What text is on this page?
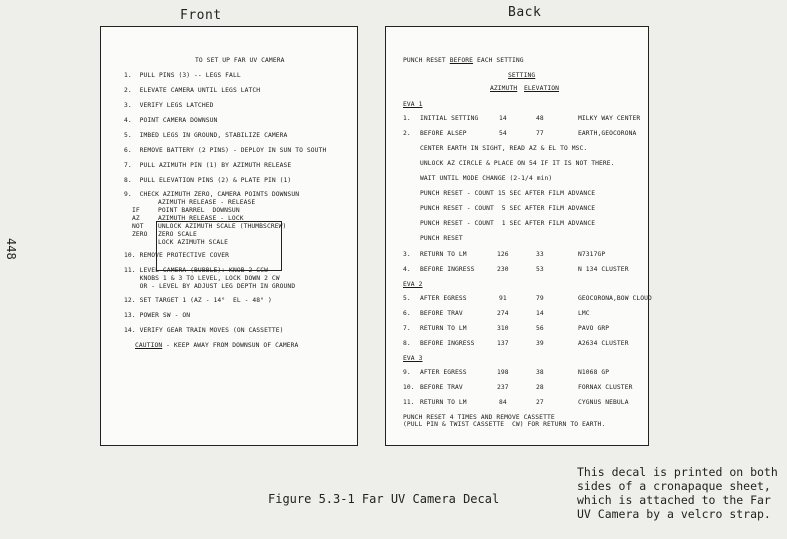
Front	Back
448
TO SET UP FAR UV CAMERA
1.  PULL PINS (3) -- LEGS FALL
2.  ELEVATE CAMERA UNTIL LEGS LATCH
3.  VERIFY LEGS LATCHED
4.  POINT CAMERA DOWNSUN
5.  IMBED LEGS IN GROUND, STABILIZE CAMERA
6.  REMOVE BATTERY (2 PINS) - DEPLOY IN SUN TO SOUTH
7.  PULL AZIMUTH PIN (1) BY AZIMUTH RELEASE
8.  PULL ELEVATION PINS (2) & PLATE PIN (1)
9.  CHECK AZIMUTH ZERO, CAMERA POINTS DOWNSUN
AZIMUTH RELEASE - RELEASE
IF	POINT BARREL  DOWNSUN
AZ	AZIMUTH RELEASE - LOCK
NOT UNLOCK AZIMUTH SCALE (THUMBSCREW)
ZERO ZERO SCALE
LOCK AZIMUTH SCALE
10. REMOVE PROTECTIVE COVER
11. LEVEL CAMERA (BUBBLE): KNOB 2 CCW
KNOBS 1 & 3 TO LEVEL, LOCK DOWN 2 CW
OR - LEVEL BY ADJUST LEG DEPTH IN GROUND
12. SET TARGET 1 (AZ - 14°  EL - 48° )
13. POWER SW - ON
14. VERIFY GEAR TRAIN MOVES (ON CASSETTE)
CAUTION - KEEP AWAY FROM DOWNSUN OF CAMERA
PUNCH RESET BEFORE EACH SETTING
SETTING
AZIMUTH ELEVATION
EVA 1
1. INITIAL SETTING	14	48	MILKY WAY CENTER
2. BEFORE ALSEP	54	77	EARTH,GEOCORONA
CENTER EARTH IN SIGHT, READ AZ & EL TO MSC.
UNLOCK AZ CIRCLE & PLACE ON 54 IF IT IS NOT THERE.
WAIT UNTIL MODE CHANGE (2-1/4 min)
PUNCH RESET - COUNT 15 SEC AFTER FILM ADVANCE
PUNCH RESET - COUNT  5 SEC AFTER FILM ADVANCE
PUNCH RESET - COUNT  1 SEC AFTER FILM ADVANCE
PUNCH RESET
3. RETURN TO LM	126	33	N7317GP
4. BEFORE INGRESS	230	53	N 134 CLUSTER
EVA 2
5. AFTER EGRESS	91	79	GEOCORONA,BOW CLOUD
6. BEFORE TRAV	274	14	LMC
7. RETURN TO LM	310	56	PAVO GRP
8. BEFORE INGRESS	137	39	A2634 CLUSTER
EVA 3
9. AFTER EGRESS	198	38	N1068 GP
10. BEFORE TRAV	237	28	FORNAX CLUSTER
11. RETURN TO LM	84	27	CYGNUS NEBULA
PUNCH RESET 4 TIMES AND REMOVE CASSETTE
(PULL PIN & TWIST CASSETTE  CW) FOR RETURN TO EARTH.
Figure 5.3-1 Far UV Camera Decal
This decal is printed on both
sides of a cronapaque sheet,
which is attached to the Far
UV Camera by a velcro strap.
